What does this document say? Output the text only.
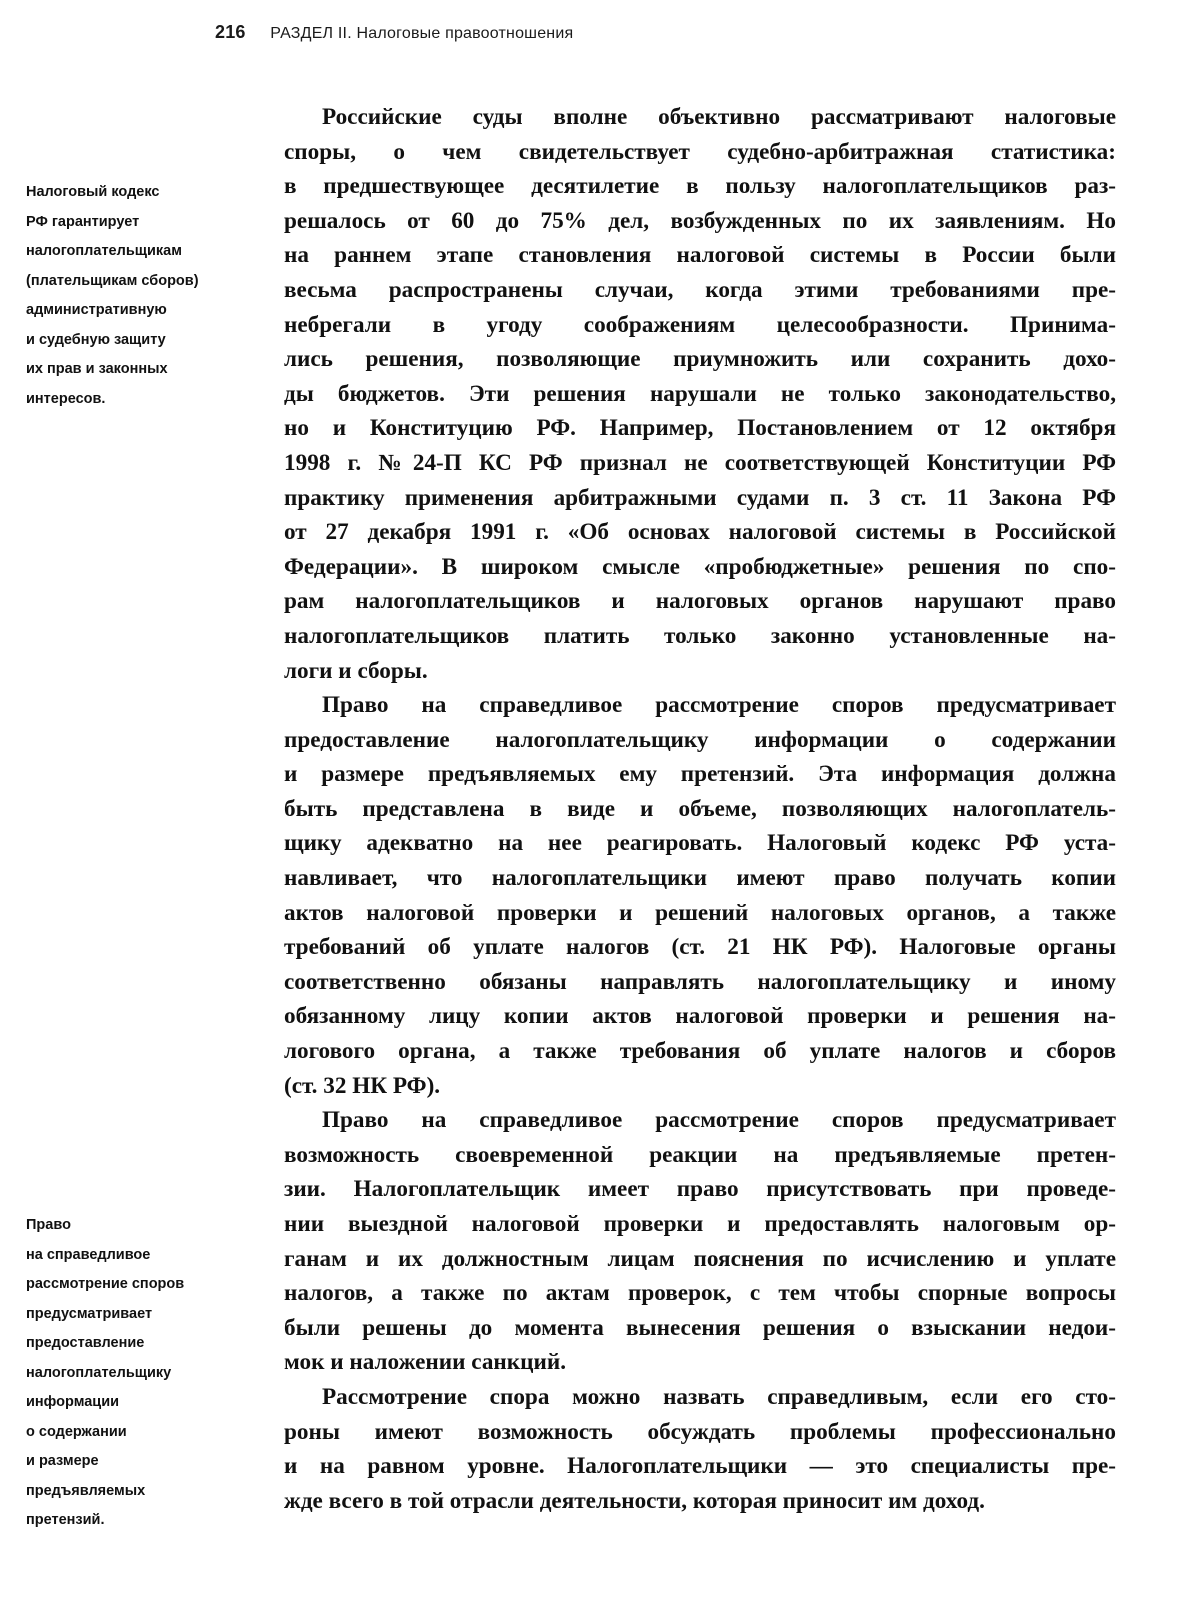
216 РАЗДЕЛ II. Налоговые правоотношения
Налоговый кодекс
РФ гарантирует
налогоплательщикам
(плательщикам сборов)
административную
и судебную защиту
их прав и законных
интересов.
Право
на справедливое
рассмотрение споров
предусматривает
предоставление
налогоплательщику
информации
о содержании
и размере
предъявляемых
претензий.
Российские суды вполне объективно рассматривают налоговые
споры, о чем свидетельствует судебно-арбитражная статистика:
в предшествующее десятилетие в пользу налогоплательщиков раз-
решалось от 60 до 75% дел, возбужденных по их заявлениям. Но
на раннем этапе становления налоговой системы в России были
весьма распространены случаи, когда этими требованиями пре-
небрегали в угоду соображениям целесообразности. Принима-
лись решения, позволяющие приумножить или сохранить дохо-
ды бюджетов. Эти решения нарушали не только законодательство,
но и Конституцию РФ. Например, Постановлением от 12 октября
1998 г. №24-П КС РФ признал не соответствующей Конституции РФ
практику применения арбитражными судами п. 3 ст. 11 Закона РФ
от 27 декабря 1991 г. «Об основах налоговой системы в Российской
Федерации». В широком смысле «пробюджетные» решения по спо-
рам налогоплательщиков и налоговых органов нарушают право
налогоплательщиков платить только законно установленные на-
логи и сборы.
Право на справедливое рассмотрение споров предусматривает
предоставление налогоплательщику информации о содержании
и размере предъявляемых ему претензий. Эта информация должна
быть представлена в виде и объеме, позволяющих налогоплатель-
щику адекватно на нее реагировать. Налоговый кодекс РФ уста-
навливает, что налогоплательщики имеют право получать копии
актов налоговой проверки и решений налоговых органов, а также
требований об уплате налогов (ст. 21 НК РФ). Налоговые органы
соответственно обязаны направлять налогоплательщику и иному
обязанному лицу копии актов налоговой проверки и решения на-
логового органа, а также требования об уплате налогов и сборов
(ст. 32 НК РФ).
Право на справедливое рассмотрение споров предусматривает
возможность своевременной реакции на предъявляемые претен-
зии. Налогоплательщик имеет право присутствовать при проведе-
нии выездной налоговой проверки и предоставлять налоговым ор-
ганам и их должностным лицам пояснения по исчислению и уплате
налогов, а также по актам проверок, с тем чтобы спорные вопросы
были решены до момента вынесения решения о взыскании недои-
мок и наложении санкций.
Рассмотрение спора можно назвать справедливым, если его сто-
роны имеют возможность обсуждать проблемы профессионально
и на равном уровне. Налогоплательщики — это специалисты пре-
жде всего в той отрасли деятельности, которая приносит им доход.
